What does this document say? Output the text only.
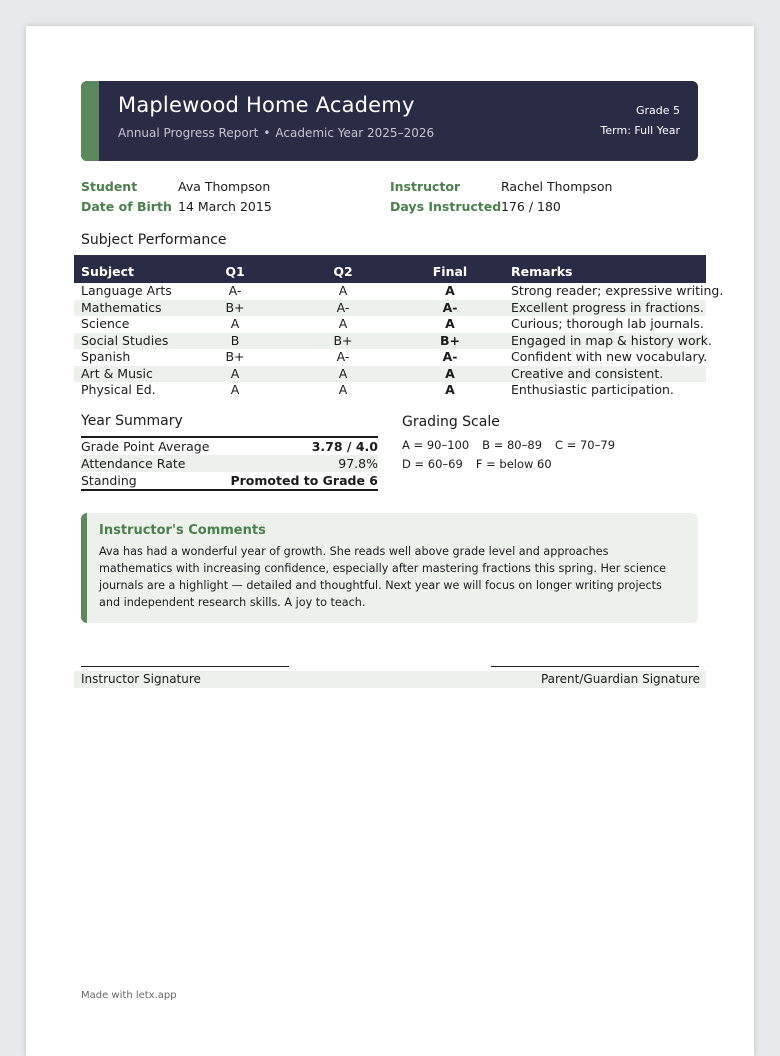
Maplewood Home Academy
Annual Progress Report • Academic Year 2025–2026
Grade 5
Term: Full Year
Student	Ava Thompson
Date of Birth 14 March 2015
Instructor	Rachel Thompson
Days Instructed 176 / 180
Subject Performance
Subject	Q1	Q2	Final	Remarks
Language Arts	A-	A	A	Strong reader; expressive writing.
Mathematics	B+	A-	A-	Excellent progress in fractions.
Science	A	A	A	Curious; thorough lab journals.
Social Studies	B	B+	B+	Engaged in map & history work.
Spanish	B+	A-	A-	Confident with new vocabulary.
Art & Music	A	A	A	Creative and consistent.
Physical Ed.	A	A	A	Enthusiastic participation.
Year Summary
Grade Point Average	3.78 / 4.0
Attendance Rate	97.8%
Standing	Promoted to Grade 6
Grading Scale
A = 90–100 B = 80–89 C = 70–79
D = 60–69 F = below 60
Instructor's Comments
Ava has had a wonderful year of growth. She reads well above grade level and approaches mathematics with increasing confidence, especially after mastering fractions this spring. Her science journals are a highlight — detailed and thoughtful. Next year we will focus on longer writing projects and independent research skills. A joy to teach.
Instructor Signature	Parent/Guardian Signature
Made with letx.app
